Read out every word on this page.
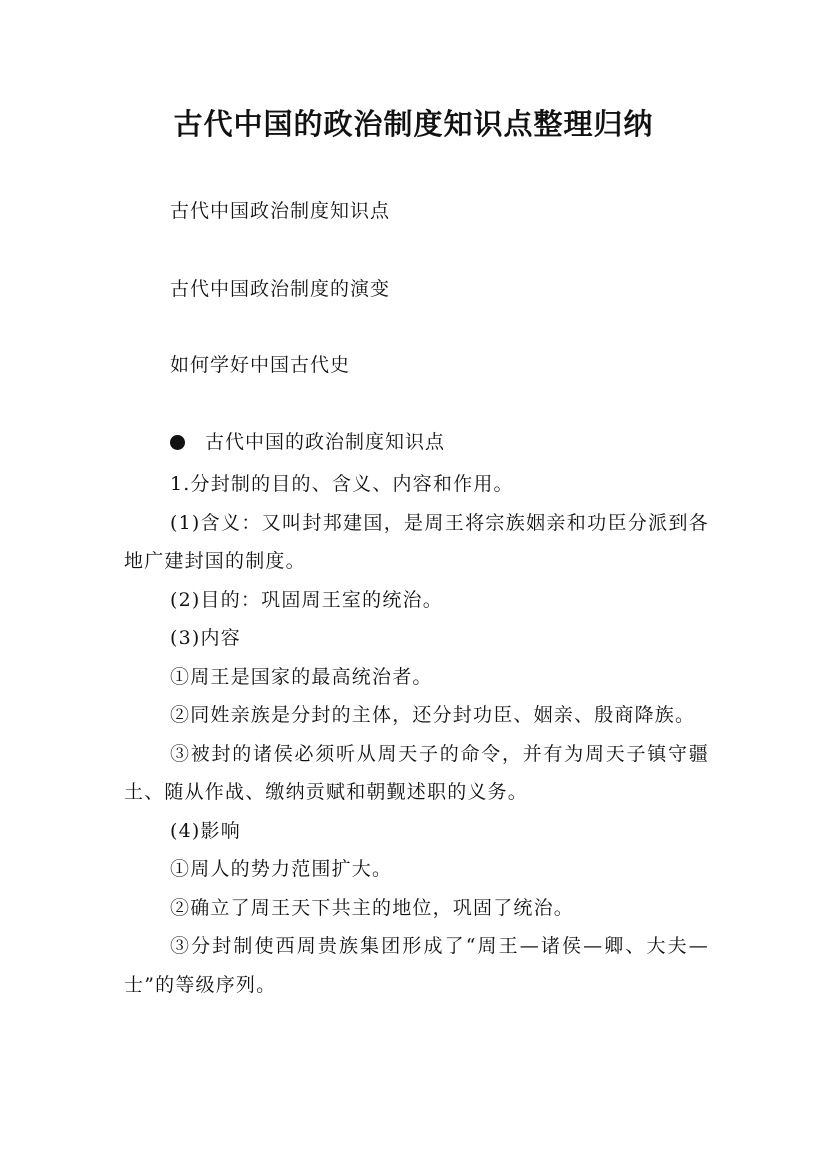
古代中国的政治制度知识点整理归纳
古代中国政治制度知识点
古代中国政治制度的演变
如何学好中国古代史
古代中国的政治制度知识点

1.分封制的目的、含义、内容和作用。

(1)含义：又叫封邦建国，是周王将宗族姻亲和功臣分派到各地广建封国的制度。

(2)目的：巩固周王室的统治。

(3)内容

①周王是国家的最高统治者。

②同姓亲族是分封的主体，还分封功臣、姻亲、殷商降族。

③被封的诸侯必须听从周天子的命令，并有为周天子镇守疆土、随从作战、缴纳贡赋和朝觐述职的义务。

(4)影响

①周人的势力范围扩大。

②确立了周王天下共主的地位，巩固了统治。

③分封制使西周贵族集团形成了“周王—诸侯—卿、大夫—士”的等级序列。
